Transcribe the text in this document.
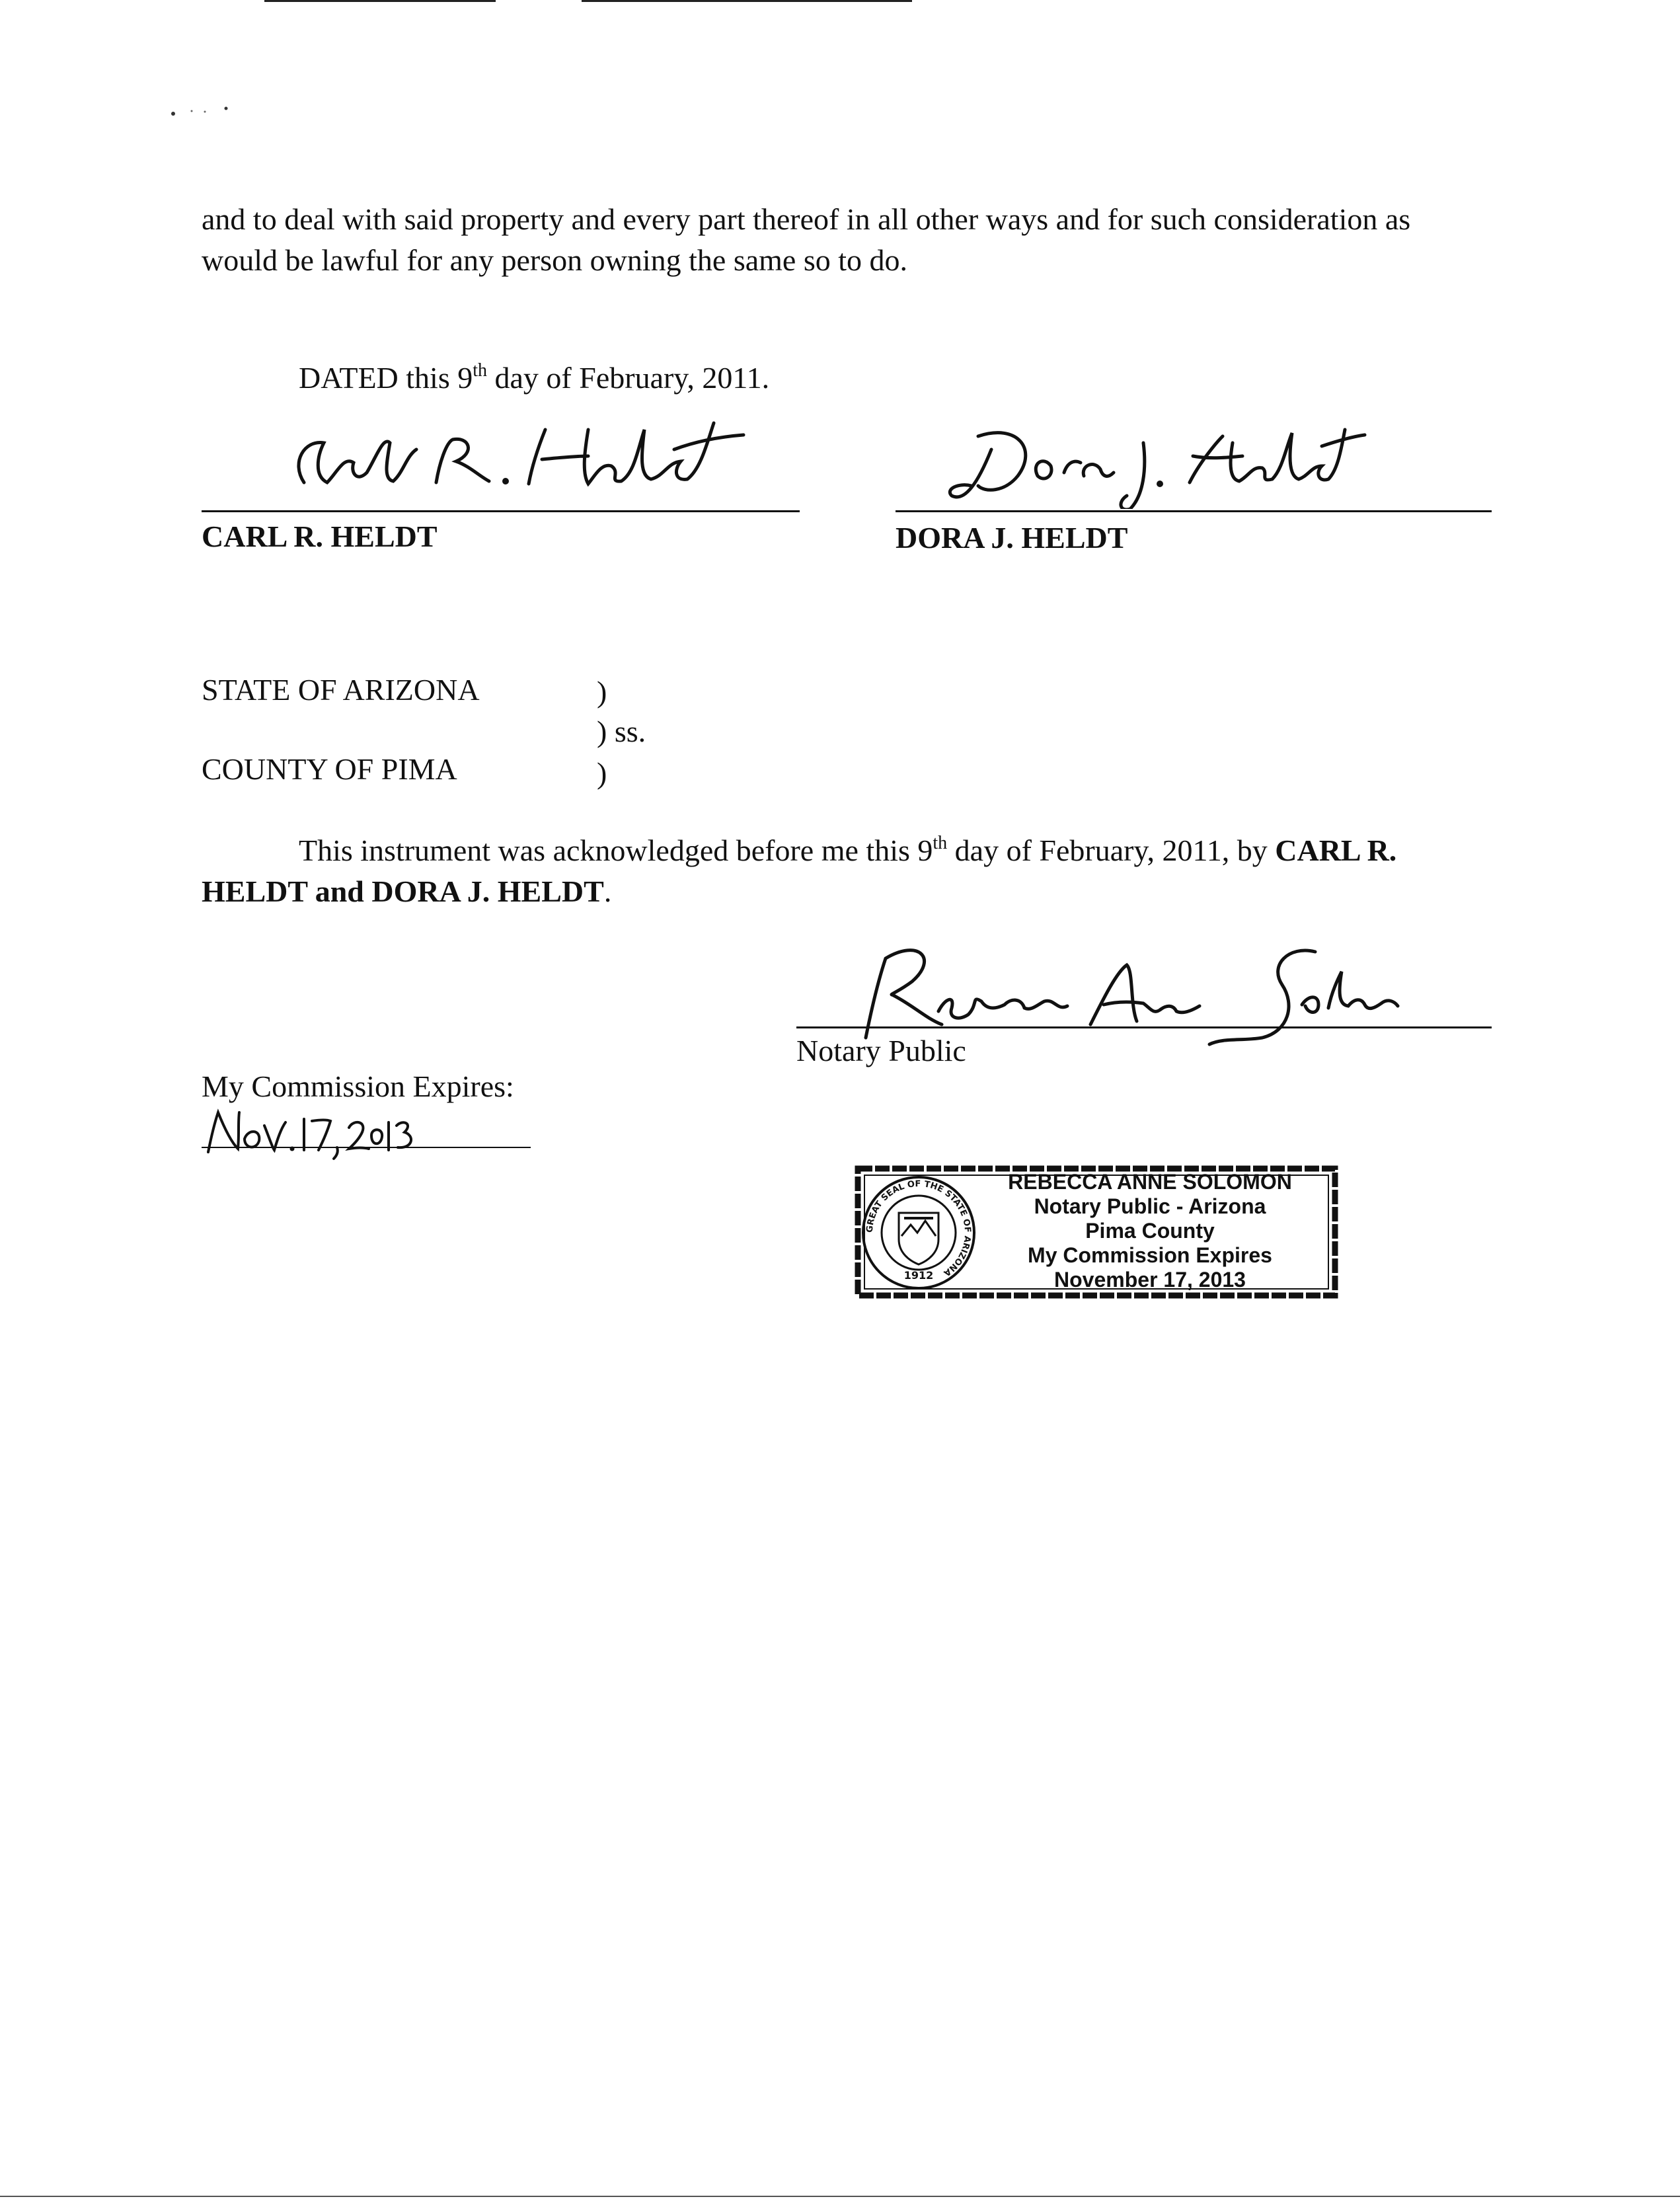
and to deal with said property and every part thereof in all other ways and for such consideration as
would be lawful for any person owning the same so to do.
DATED this 9th day of February, 2011.
CARL R. HELDT	DORA J. HELDT
STATE OF ARIZONA	)
) ss.
COUNTY OF PIMA	)
This instrument was acknowledged before me this 9th day of February, 2011, by CARL R.
HELDT and DORA J. HELDT.
Notary Public
My Commission Expires:
GREAT SEAL OF THE STATE OF ARIZONA
1912
REBECCA ANNE SOLOMON
Notary Public - Arizona
Pima County
My Commission Expires
November 17, 2013
